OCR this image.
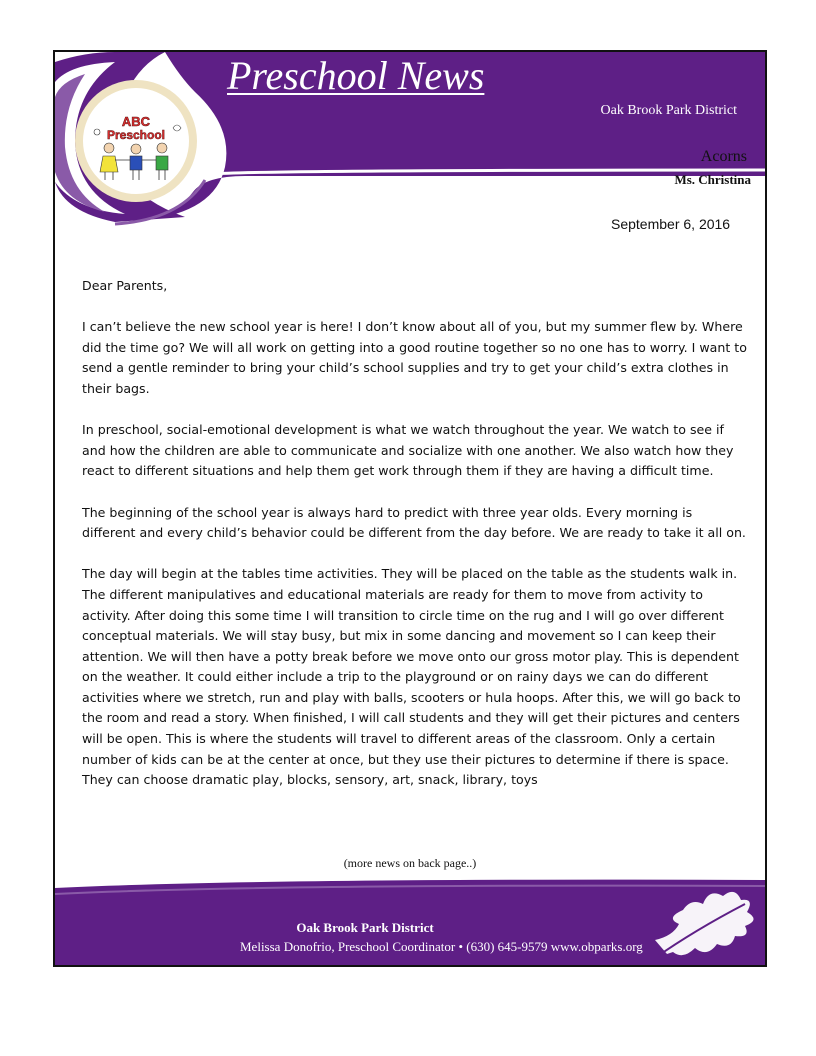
ABC
Preschool
Preschool News
Oak Brook Park District
Acorns
Ms. Christina
September 6, 2016

Dear Parents,

I can’t believe the new school year is here! I don’t know about all of you, but my summer flew by. Where did the time go? We will all work on getting into a good routine together so no one has to worry. I want to send a gentle reminder to bring your child’s school supplies and try to get your child’s extra clothes in their bags.

In preschool, social-emotional development is what we watch throughout the year. We watch to see if and how the children are able to communicate and socialize with one another. We also watch how they react to different situations and help them get work through them if they are having a difficult time.

The beginning of the school year is always hard to predict with three year olds. Every morning is different and every child’s behavior could be different from the day before. We are ready to take it all on.

The day will begin at the tables time activities. They will be placed on the table as the students walk in. The different manipulatives and educational materials are ready for them to move from activity to activity. After doing this some time I will transition to circle time on the rug and I will go over different conceptual materials. We will stay busy, but mix in some dancing and movement so I can keep their attention. We will then have a potty break before we move onto our gross motor play. This is dependent on the weather. It could either include a trip to the playground or on rainy days we can do different activities where we stretch, run and play with balls, scooters or hula hoops. After this, we will go back to the room and read a story. When finished, I will call students and they will get their pictures and centers will be open. This is where the students will travel to different areas of the classroom. Only a certain number of kids can be at the center at once, but they use their pictures to determine if there is space. They can choose dramatic play, blocks, sensory, art, snack, library, toys

(more news on back page..)
Oak Brook Park District
Melissa Donofrio, Preschool Coordinator • (630) 645-9579 www.obparks.org
